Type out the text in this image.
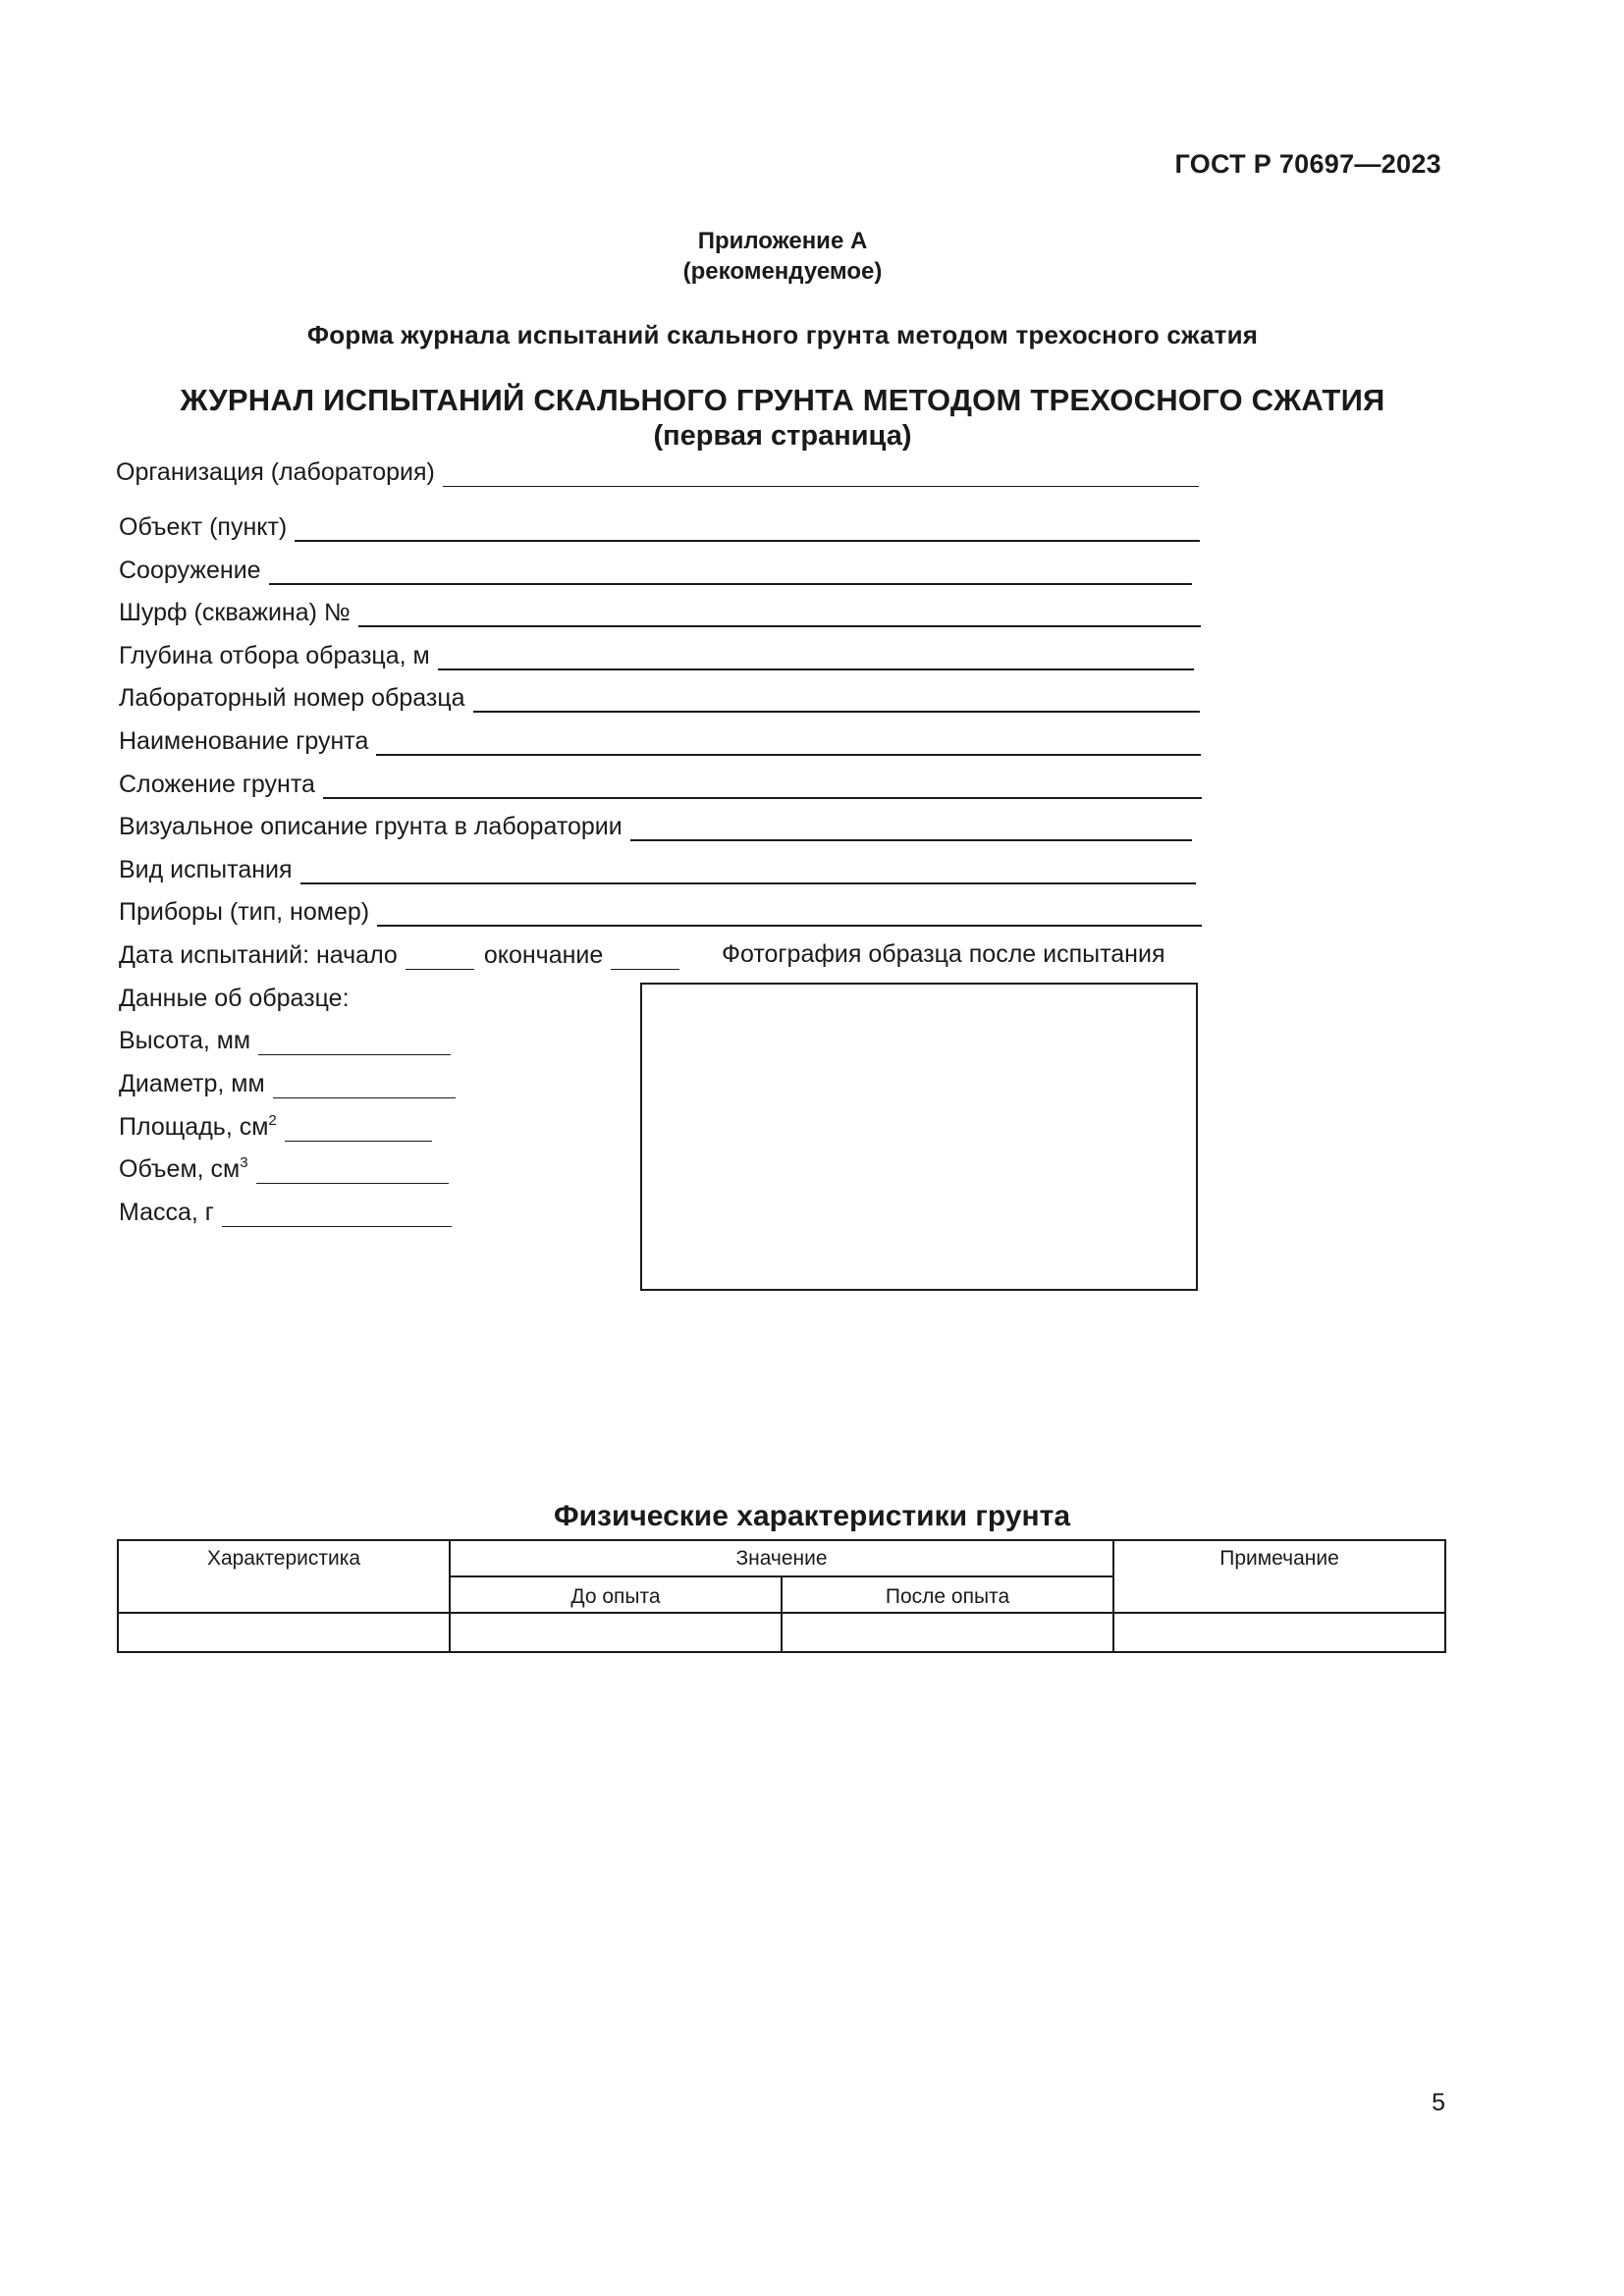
ГОСТ Р 70697—2023
Приложение А
(рекомендуемое)
Форма журнала испытаний скального грунта методом трехосного сжатия
ЖУРНАЛ ИСПЫТАНИЙ СКАЛЬНОГО ГРУНТА МЕТОДОМ ТРЕХОСНОГО СЖАТИЯ
(первая страница)
Организация (лаборатория)
Объект (пункт)
Сооружение
Шурф (скважина) №
Глубина отбора образца, м
Лабораторный номер образца
Наименование грунта
Сложение грунта
Визуальное описание грунта в лаборатории
Вид испытания
Приборы (тип, номер)
Дата испытаний: начало	окончание	Фотография образца после испытания
Данные об образце:
Высота, мм
Диаметр, мм
Площадь, $см^2$
Объем, $см^3$
Масса, г
Физические характеристики грунта
Характеристика	Значение		Примечание
	До опыта	После опыта	

5
